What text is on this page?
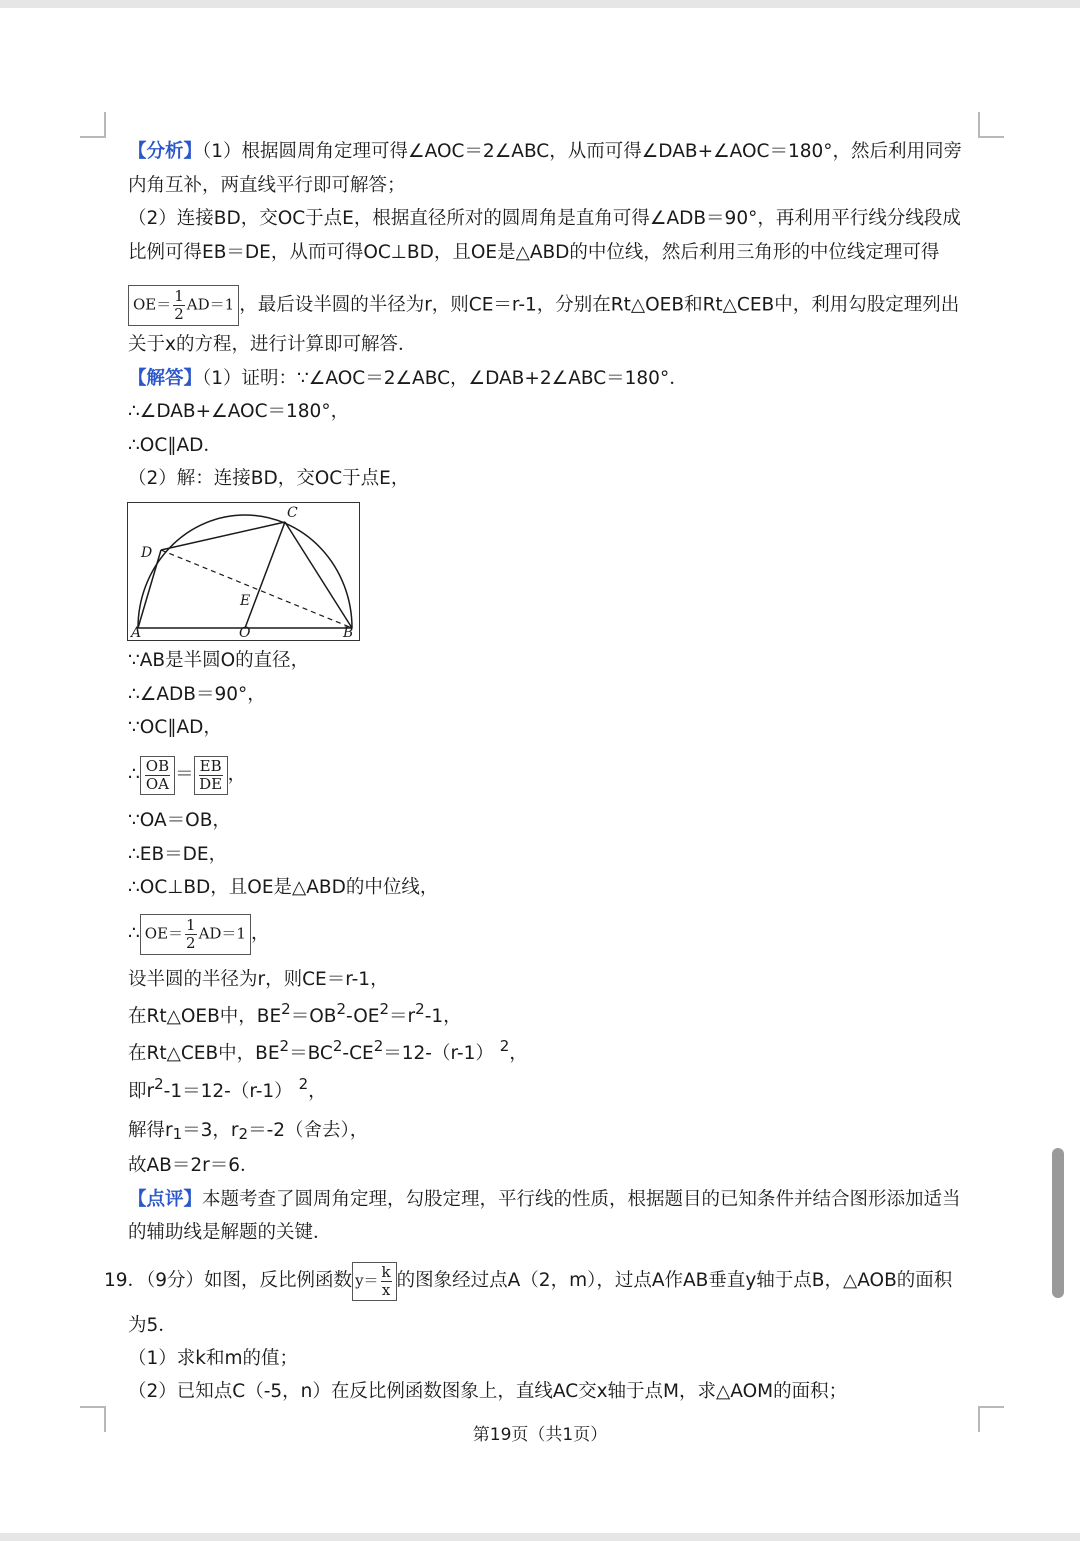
【分析】（1）根据圆周角定理可得∠AOC＝2∠ABC，从而可得∠DAB+∠AOC＝180°，然后利用同旁
内角互补，两直线平行即可解答；
（2）连接BD，交OC于点E，根据直径所对的圆周角是直角可得∠ADB＝90°，再利用平行线分线段成
比例可得EB＝DE，从而可得OC⊥BD，且OE是△ABD的中位线，然后利用三角形的中位线定理可得
$OE= \frac{1}{2} AD=1$ ，最后设半圆的半径为r，则CE＝r-1，分别在Rt△OEB和Rt△CEB中，利用勾股定理列出
关于x的方程，进行计算即可解答．
【解答】（1）证明：∵∠AOC＝2∠ABC，∠DAB+2∠ABC＝180°．
∴∠DAB+∠AOC＝180°，
∴OC∥AD．
（2）解：连接BD，交OC于点E，
A	B
C
D
E
O
∵AB是半圆O的直径，
∴∠ADB＝90°，
∵OC∥AD，
∴ $\frac{OB}{OA} = \frac{EB}{DE}$ ，
∵OA＝OB，
∴EB＝DE，
∴OC⊥BD，且OE是△ABD的中位线，
∴ $OE= \frac{1}{2} AD=1$ ，
设半圆的半径为r，则CE＝r-1，
在Rt△OEB中，$BE^2=OB^2-OE^2=r^2-1$，
在Rt△CEB中，$BE^2=BC^2-CE^2=12-(r-1)$ $^2$，
即$r^2-1=12-(r-1)$ $^2$，
解得$r_1=3$，$r_2=-2$（舍去），
故AB＝2r＝6．
【点评】本题考查了圆周角定理，勾股定理，平行线的性质，根据题目的已知条件并结合图形添加适当
的辅助线是解题的关键．
19．（9分）如图，反比例函数 $y= \frac{k}{x}$ 的图象经过点A（2，m），过点A作AB垂直y轴于点B，△AOB的面积
为5．
（1）求k和m的值；
（2）已知点C（-5，n）在反比例函数图象上，直线AC交x轴于点M，求△AOM的面积；
第19页（共1页）
